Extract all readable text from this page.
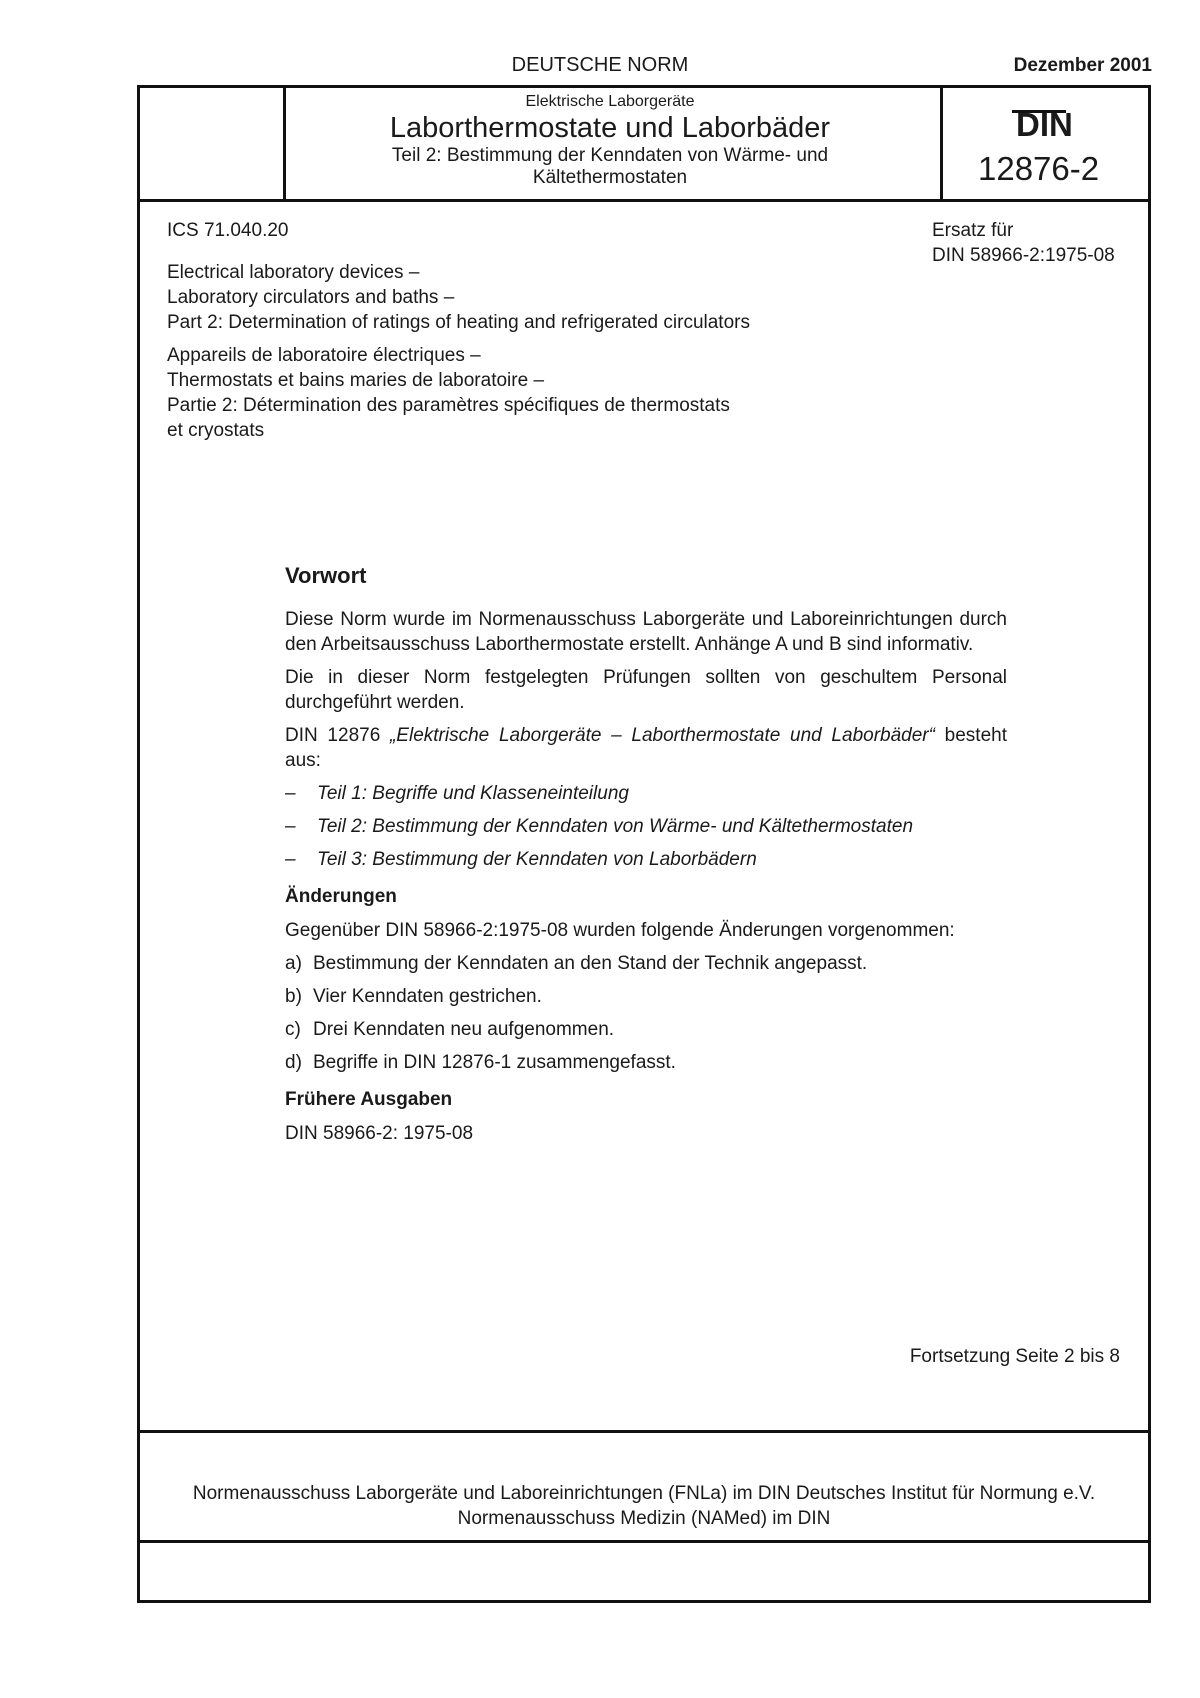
DEUTSCHE NORM	Dezember 2001
Elektrische Laborgeräte
Laborthermostate und Laborbäder
Teil 2: Bestimmung der Kenndaten von Wärme- und
Kältethermostaten
DIN
12876-2
ICS 71.040.20	Ersatz für
DIN 58966-2:1975-08
Electrical laboratory devices –
Laboratory circulators and baths –
Part 2: Determination of ratings of heating and refrigerated circulators
Appareils de laboratoire électriques –
Thermostats et bains maries de laboratoire –
Partie 2: Détermination des paramètres spécifiques de thermostats
et cryostats
Vorwort

Diese Norm wurde im Normenausschuss Laborgeräte und Laboreinrichtungen durch den Arbeitsausschuss Laborthermostate erstellt. Anhänge A und B sind informativ.

Die in dieser Norm festgelegten Prüfungen sollten von geschultem Personal durchgeführt werden.

DIN 12876 „Elektrische Laborgeräte – Laborthermostate und Laborbäder“ besteht aus:

–	Teil 1: Begriffe und Klasseneinteilung
–	Teil 2: Bestimmung der Kenndaten von Wärme- und Kältethermostaten
–	Teil 3: Bestimmung der Kenndaten von Laborbädern
Änderungen

Gegenüber DIN 58966-2:1975-08 wurden folgende Änderungen vorgenommen:

a) Bestimmung der Kenndaten an den Stand der Technik angepasst.
b) Vier Kenndaten gestrichen.
c) Drei Kenndaten neu aufgenommen.
d) Begriffe in DIN 12876-1 zusammengefasst.
Frühere Ausgaben

DIN 58966-2: 1975-08

Fortsetzung Seite 2 bis 8
Normenausschuss Laborgeräte und Laboreinrichtungen (FNLa) im DIN Deutsches Institut für Normung e.V.
Normenausschuss Medizin (NAMed) im DIN
